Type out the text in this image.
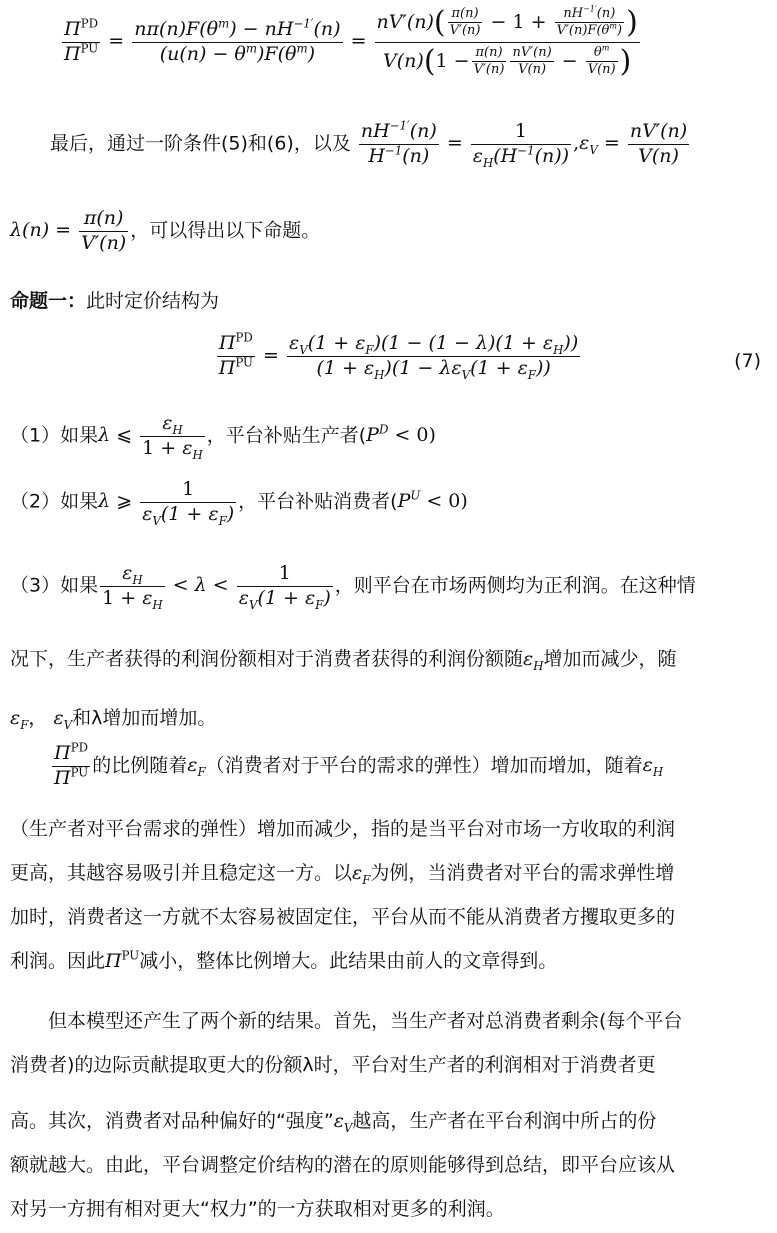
$\frac{\Pi^{PD}}{\Pi^{PU}} = \frac{n\pi(n)F(\theta^m) - nH^{-1'}(n)}{(u(n) - \theta^m)F(\theta^m)} = \frac{nV'(n)( \frac{\pi(n)}{V'(n)} - 1 + \frac{nH^{-1'}(n)}{V'(n)F(\theta^m)} )}{V(n)(1 - \frac{\pi(n)}{V'(n)} \frac{nV'(n)}{V(n)} - \frac{\theta^m}{V(n)} )}$
最后，通过一阶条件(5)和(6)，以及 $\frac{nH^{-1'}(n)}{H^{-1}(n)} = \frac{1}{\varepsilon_H(H^{-1}(n))} ,\varepsilon_V = \frac{nV'(n)}{V(n)}$
$\lambda(n) = \frac{\pi(n)}{V'(n)}$ ，可以得出以下命题。
命题一：此时定价结构为
$\frac{\Pi^{PD}}{\Pi^{PU}} = \frac{\varepsilon_V(1 + \varepsilon_F)(1 - (1 - \lambda)(1 + \varepsilon_H))}{(1 + \varepsilon_H)(1 - \lambda\varepsilon_V(1 + \varepsilon_F))}$	(7)
（1）如果λ ⩽ $\frac{\varepsilon_H}{1 + \varepsilon_H}$ ，平台补贴生产者$(P^D < 0)$
（2）如果λ ⩾ $\frac{1}{\varepsilon_V(1 + \varepsilon_F)}$ ，平台补贴消费者$(P^U < 0)$
（3）如果 $\frac{\varepsilon_H}{1 + \varepsilon_H} < \lambda < \frac{1}{\varepsilon_V(1 + \varepsilon_F)}$ ，则平台在市场两侧均为正利润。在这种情
况下，生产者获得的利润份额相对于消费者获得的利润份额随$\varepsilon_H$增加而减少，随
$\varepsilon_F$， $\varepsilon_V$和λ增加而增加。
$\frac{\Pi^{PD}}{\Pi^{PU}}$ 的比例随着$\varepsilon_F$（消费者对于平台的需求的弹性）增加而增加，随着$\varepsilon_H$
（生产者对平台需求的弹性）增加而减少，指的是当平台对市场一方收取的利润
更高，其越容易吸引并且稳定这一方。以$\varepsilon_F$为例，当消费者对平台的需求弹性增
加时，消费者这一方就不太容易被固定住，平台从而不能从消费者方攫取更多的
利润。因此$\Pi^{PU}$减小，整体比例增大。此结果由前人的文章得到。
但本模型还产生了两个新的结果。首先，当生产者对总消费者剩余(每个平台
消费者)的边际贡献提取更大的份额λ时，平台对生产者的利润相对于消费者更
高。其次，消费者对品种偏好的“强度$”\varepsilon_V$越高，生产者在平台利润中所占的份
额就越大。由此，平台调整定价结构的潜在的原则能够得到总结，即平台应该从
对另一方拥有相对更大“权力”的一方获取相对更多的利润。
